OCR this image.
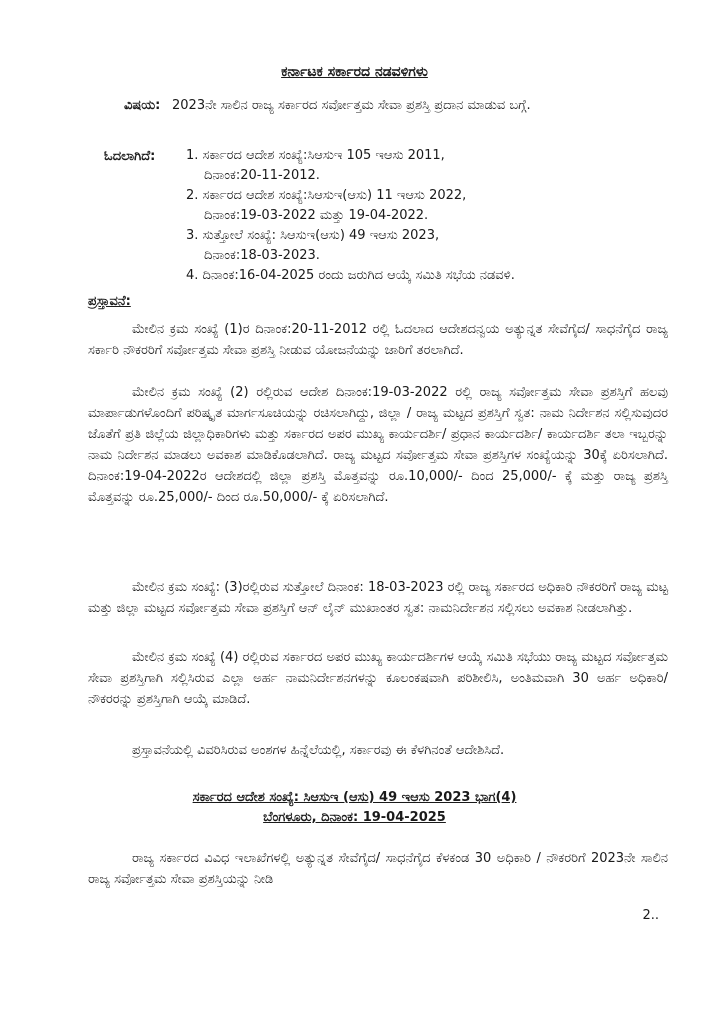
ಕರ್ನಾಟಕ ಸರ್ಕಾರದ ನಡವಳಿಗಳು
ವಿಷಯ: 2023ನೇ ಸಾಲಿನ ರಾಜ್ಯ ಸರ್ಕಾರದ ಸರ್ವೋತ್ತಮ ಸೇವಾ ಪ್ರಶಸ್ತಿ ಪ್ರದಾನ ಮಾಡುವ ಬಗ್ಗೆ.
ಓದಲಾಗಿದೆ: 1. ಸರ್ಕಾರದ ಆದೇಶ ಸಂಖ್ಯೆ:ಸಿಆಸುಇ 105 ಇಆಸು 2011,
ದಿನಾಂಕ:20-11-2012.
2. ಸರ್ಕಾರದ ಆದೇಶ ಸಂಖ್ಯೆ:ಸಿಆಸುಇ(ಆಸು) 11 ಇಆಸು 2022,
ದಿನಾಂಕ:19-03-2022 ಮತ್ತು 19-04-2022.
3. ಸುತ್ತೋಲೆ ಸಂಖ್ಯೆ: ಸಿಆಸುಇ(ಆಸು) 49 ಇಆಸು 2023,
ದಿನಾಂಕ:18-03-2023.
4. ದಿನಾಂಕ:16-04-2025 ರಂದು ಜರುಗಿದ ಆಯ್ಕೆ ಸಮಿತಿ ಸಭೆಯ ನಡವಳಿ.
ಪ್ರಸ್ತಾವನೆ:
ಮೇಲಿನ ಕ್ರಮ ಸಂಖ್ಯೆ (1)ರ ದಿನಾಂಕ:20-11-2012 ರಲ್ಲಿ ಓದಲಾದ ಆದೇಶದನ್ವಯ ಅತ್ಯುನ್ನತ ಸೇವೆಗೈದ/ ಸಾಧನೆಗೈದ ರಾಜ್ಯ ಸರ್ಕಾರಿ ನೌಕರರಿಗೆ ಸರ್ವೋತ್ತಮ ಸೇವಾ ಪ್ರಶಸ್ತಿ ನೀಡುವ ಯೋಜನೆಯನ್ನು ಜಾರಿಗೆ ತರಲಾಗಿದೆ.
ಮೇಲಿನ ಕ್ರಮ ಸಂಖ್ಯೆ (2) ರಲ್ಲಿರುವ ಆದೇಶ ದಿನಾಂಕ:19-03-2022 ರಲ್ಲಿ ರಾಜ್ಯ ಸರ್ವೋತ್ತಮ ಸೇವಾ ಪ್ರಶಸ್ತಿಗೆ ಹಲವು ಮಾರ್ಪಾಡುಗಳೊಂದಿಗೆ ಪರಿಷ್ಕೃತ ಮಾರ್ಗಸೂಚಿಯನ್ನು ರಚಿಸಲಾಗಿದ್ದು, ಜಿಲ್ಲಾ / ರಾಜ್ಯ ಮಟ್ಟದ ಪ್ರಶಸ್ತಿಗೆ ಸ್ವತ: ನಾಮ ನಿರ್ದೇಶನ ಸಲ್ಲಿಸುವುದರ ಜೊತೆಗೆ ಪ್ರತಿ ಜಿಲ್ಲೆಯ ಜಿಲ್ಲಾಧಿಕಾರಿಗಳು ಮತ್ತು ಸರ್ಕಾರದ ಅಪರ ಮುಖ್ಯ ಕಾರ್ಯದರ್ಶಿ/ ಪ್ರಧಾನ ಕಾರ್ಯದರ್ಶಿ/ ಕಾರ್ಯದರ್ಶಿ ತಲಾ ಇಬ್ಬರನ್ನು ನಾಮ ನಿರ್ದೇಶನ ಮಾಡಲು ಅವಕಾಶ ಮಾಡಿಕೊಡಲಾಗಿದೆ. ರಾಜ್ಯ ಮಟ್ಟದ ಸರ್ವೋತ್ತಮ ಸೇವಾ ಪ್ರಶಸ್ತಿಗಳ ಸಂಖ್ಯೆಯನ್ನು 30ಕ್ಕೆ ಏರಿಸಲಾಗಿದೆ. ದಿನಾಂಕ:19-04-2022ರ ಆದೇಶದಲ್ಲಿ ಜಿಲ್ಲಾ ಪ್ರಶಸ್ತಿ ಮೊತ್ತವನ್ನು ರೂ.10,000/- ದಿಂದ 25,000/- ಕ್ಕೆ ಮತ್ತು ರಾಜ್ಯ ಪ್ರಶಸ್ತಿ ಮೊತ್ತವನ್ನು ರೂ.25,000/- ದಿಂದ ರೂ.50,000/- ಕ್ಕೆ ಏರಿಸಲಾಗಿದೆ.
ಮೇಲಿನ ಕ್ರಮ ಸಂಖ್ಯೆ: (3)ರಲ್ಲಿರುವ ಸುತ್ತೋಲೆ ದಿನಾಂಕ: 18-03-2023 ರಲ್ಲಿ ರಾಜ್ಯ ಸರ್ಕಾರದ ಅಧಿಕಾರಿ ನೌಕರರಿಗೆ ರಾಜ್ಯ ಮಟ್ಟ ಮತ್ತು ಜಿಲ್ಲಾ ಮಟ್ಟದ ಸರ್ವೋತ್ತಮ ಸೇವಾ ಪ್ರಶಸ್ತಿಗೆ ಆನ್ ಲೈನ್ ಮುಖಾಂತರ ಸ್ವತ: ನಾಮನಿರ್ದೇಶನ ಸಲ್ಲಿಸಲು ಅವಕಾಶ ನೀಡಲಾಗಿತ್ತು.
ಮೇಲಿನ ಕ್ರಮ ಸಂಖ್ಯೆ (4) ರಲ್ಲಿರುವ ಸರ್ಕಾರದ ಅಪರ ಮುಖ್ಯ ಕಾರ್ಯದರ್ಶಿಗಳ ಆಯ್ಕೆ ಸಮಿತಿ ಸಭೆಯು ರಾಜ್ಯ ಮಟ್ಟದ ಸರ್ವೋತ್ತಮ ಸೇವಾ ಪ್ರಶಸ್ತಿಗಾಗಿ ಸಲ್ಲಿಸಿರುವ ಎಲ್ಲಾ ಅರ್ಹ ನಾಮನಿರ್ದೇಶನಗಳನ್ನು ಕೂಲಂಕಷವಾಗಿ ಪರಿಶೀಲಿಸಿ, ಅಂತಿಮವಾಗಿ 30 ಅರ್ಹ ಅಧಿಕಾರಿ/ ನೌಕರರನ್ನು ಪ್ರಶಸ್ತಿಗಾಗಿ ಆಯ್ಕೆ ಮಾಡಿದೆ.
ಪ್ರಸ್ತಾವನೆಯಲ್ಲಿ ವಿವರಿಸಿರುವ ಅಂಶಗಳ ಹಿನ್ನೆಲೆಯಲ್ಲಿ, ಸರ್ಕಾರವು ಈ ಕೆಳಗಿನಂತೆ ಆದೇಶಿಸಿದೆ.
ಸರ್ಕಾರದ ಆದೇಶ ಸಂಖ್ಯೆ: ಸಿಆಸುಇ (ಆಸು) 49 ಇಆಸು 2023 ಭಾಗ(4)
ಬೆಂಗಳೂರು, ದಿನಾಂಕ: 19-04-2025
ರಾಜ್ಯ ಸರ್ಕಾರದ ವಿವಿಧ ಇಲಾಖೆಗಳಲ್ಲಿ ಅತ್ಯುನ್ನತ ಸೇವೆಗೈದ/ ಸಾಧನೆಗೈದ ಕೆಳಕಂಡ 30 ಅಧಿಕಾರಿ / ನೌಕರರಿಗೆ 2023ನೇ ಸಾಲಿನ ರಾಜ್ಯ ಸರ್ವೋತ್ತಮ ಸೇವಾ ಪ್ರಶಸ್ತಿಯನ್ನು ನೀಡಿ
2..
